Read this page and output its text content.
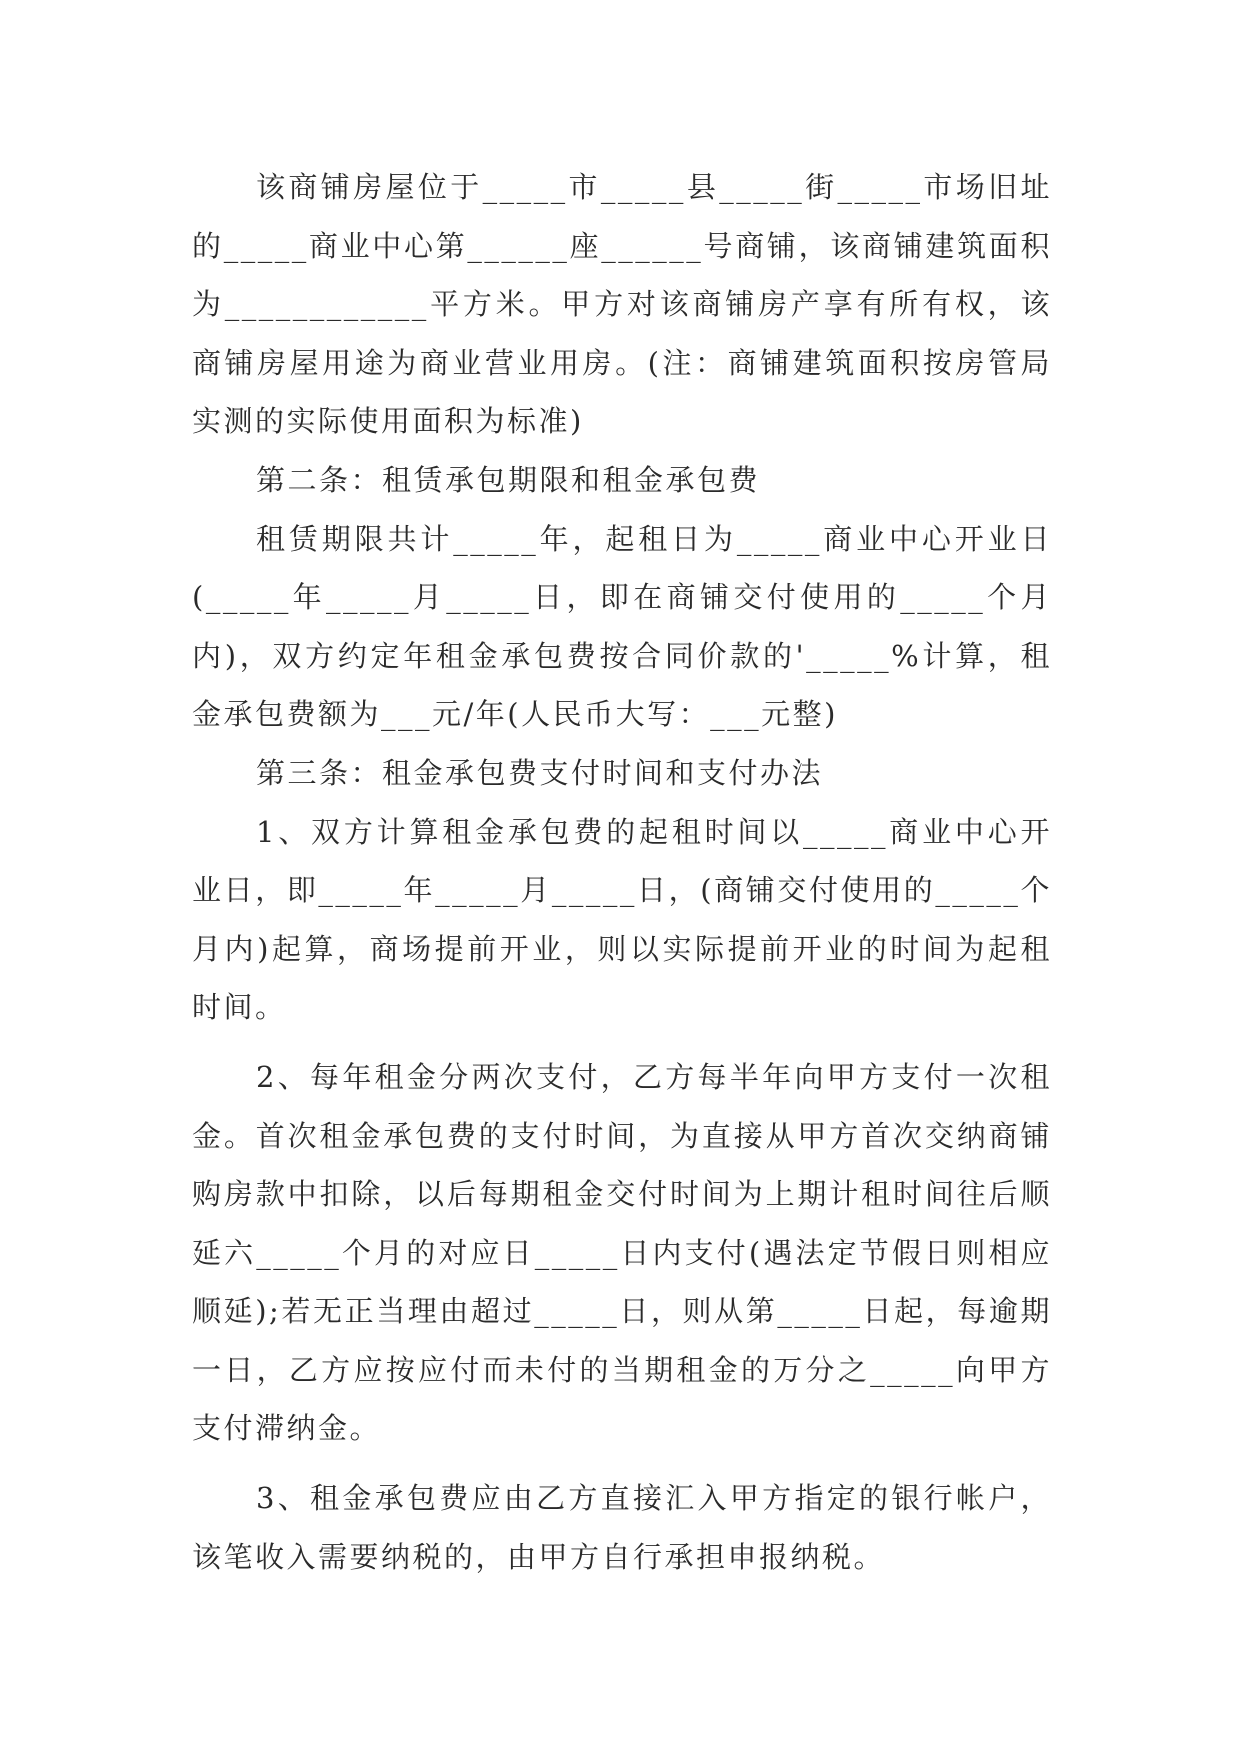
该商铺房屋位于_____市_____县_____街_____市场旧址的_____商业中心第______座______号商铺，该商铺建筑面积为____________平方米。甲方对该商铺房产享有所有权，该商铺房屋用途为商业营业用房。(注：商铺建筑面积按房管局实测的实际使用面积为标准)

第二条：租赁承包期限和租金承包费

租赁期限共计_____年，起租日为_____商业中心开业日(_____年_____月_____日，即在商铺交付使用的_____个月内)，双方约定年租金承包费按合同价款的'_____%计算，租金承包费额为___元/年(人民币大写：___元整)

第三条：租金承包费支付时间和支付办法

1、双方计算租金承包费的起租时间以_____商业中心开业日，即_____年_____月_____日，(商铺交付使用的_____个月内)起算，商场提前开业，则以实际提前开业的时间为起租时间。

2、每年租金分两次支付，乙方每半年向甲方支付一次租金。首次租金承包费的支付时间，为直接从甲方首次交纳商铺购房款中扣除，以后每期租金交付时间为上期计租时间往后顺延六_____个月的对应日_____日内支付(遇法定节假日则相应顺延);若无正当理由超过_____日，则从第_____日起，每逾期一日，乙方应按应付而未付的当期租金的万分之_____向甲方支付滞纳金。

3、租金承包费应由乙方直接汇入甲方指定的银行帐户，该笔收入需要纳税的，由甲方自行承担申报纳税。
